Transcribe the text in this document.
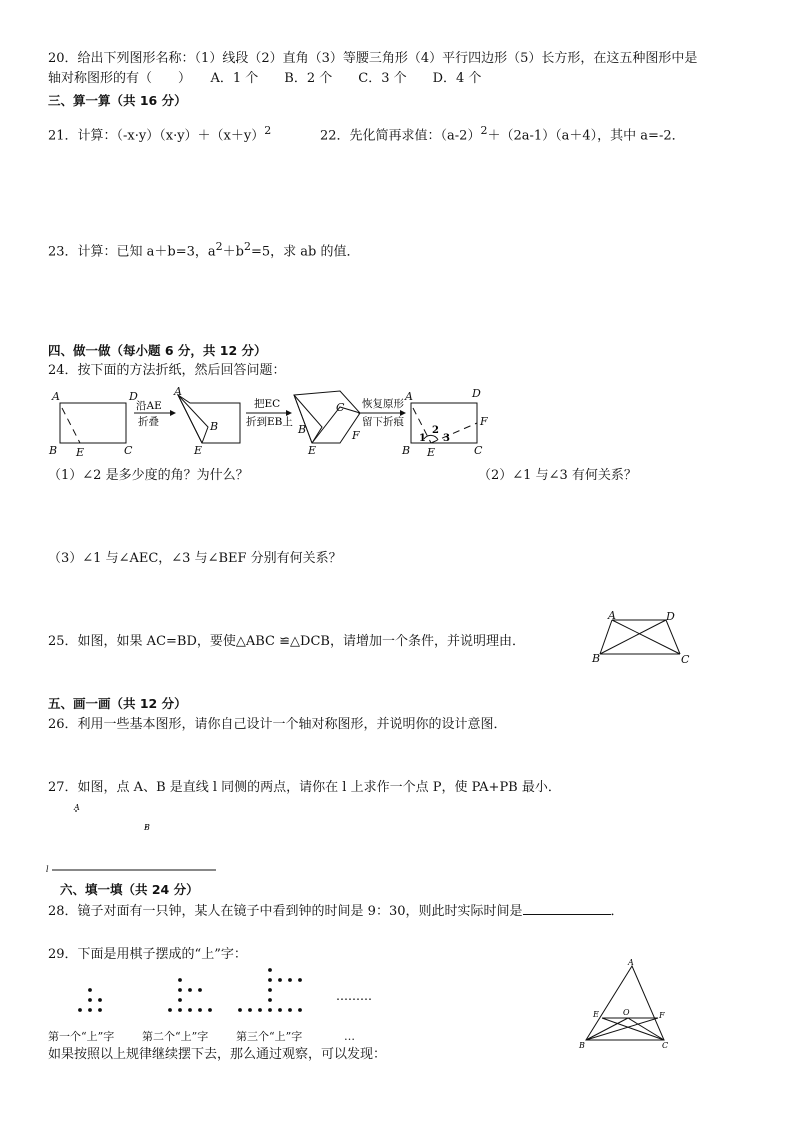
20．给出下列图形名称：（1）线段（2）直角（3）等腰三角形（4）平行四边形（5）长方形，在这五种图形中是
轴对称图形的有（　　）　　A．1 个　　B．2 个　　C．3 个　　D．4 个
三、算一算（共 16 分）
21．计算：$(-x\cdot y)(x\cdot y)+(x+y)^2$	22．先化简再求值：$(a-2)^2+(2a-1)(a+4)$，其中 a=-2．
23．计算：已知 a＋b=3，$a^2+b^2=5$，求 ab 的值．
四、做一做（每小题 6 分，共 12 分）
24．按下面的方法折纸，然后回答问题：
A	D
B E	C
沿AE
折叠
A
B
E
把EC
折到EB上
B
C
E
F
恢复原形
留下折痕
1
2
3
A	D
B E	C
F
（1）∠2 是多少度的角？为什么？	（2）∠1 与∠3 有何关系？
（3）∠1 与∠AEC，∠3 与∠BEF 分别有何关系？
25．如图，如果 AC=BD，要使△ABC ≌△DCB，请增加一个条件，并说明理由．
A	D
B	C
五、画一画（共 12 分）
26．利用一些基本图形，请你自己设计一个轴对称图形，并说明你的设计意图．
27．如图，点 A、B 是直线 l 同侧的两点，请你在 l 上求作一个点 P，使 PA+PB 最小．
A
B
l
六、填一填（共 24 分）
28．镜子对面有一只钟，某人在镜子中看到钟的时间是 9：30，则此时实际时间是	．
29．下面是用棋子摆成的“上”字：
………
第一个“上”字	第二个“上”字	第三个“上”字	…
如果按照以上规律继续摆下去，那么通过观察，可以发现：
A
E	O	F
B	C
